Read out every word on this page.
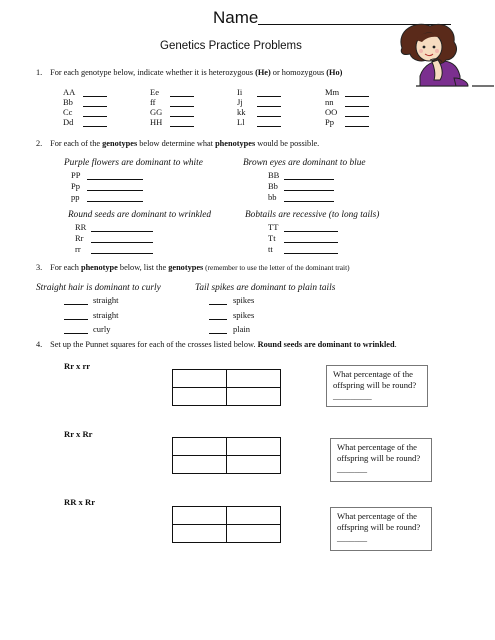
Name
Genetics Practice Problems
1. For each genotype below, indicate whether it is heterozygous (He) or homozygous (Ho)
AA
Bb
Cc
Dd
Ee
ff
GG
HH
Ii
Jj
kk
Ll
Mm
nn
OO
Pp
2. For each of the genotypes below determine what phenotypes would be possible.
Purple flowers are dominant to white
PP
Pp
pp
Brown eyes are dominant to blue
BB
Bb
bb
Round seeds are dominant to wrinkled
RR
Rr
rr
Bobtails are recessive (to long tails)
TT
Tt
tt
3. For each phenotype below, list the genotypes (remember to use the letter of the dominant trait)
Straight hair is dominant to curly
straight
straight
curly
Tail spikes are dominant to plain tails
spikes
spikes
plain
4. Set up the Punnet squares for each of the crosses listed below. Round seeds are dominant to wrinkled.
Rr x rr

What percentage of the offspring will be round? _________
Rr x Rr

What percentage of the offspring will be round? _______
RR x Rr

What percentage of the offspring will be round? _______
